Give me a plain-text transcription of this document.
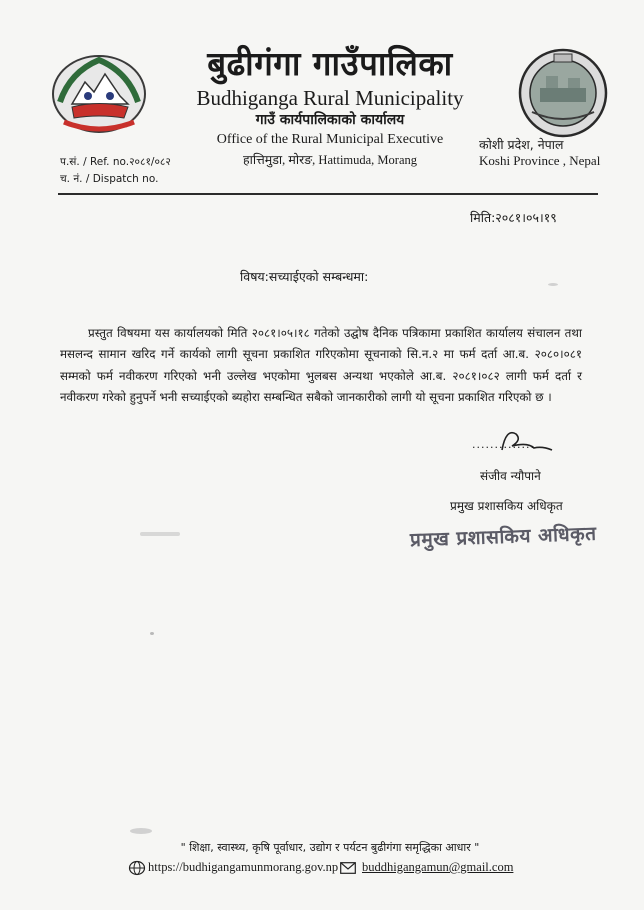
बुढीगंगा गाउँपालिका
Budhiganga Rural Municipality
गाउँ कार्यपालिकाको कार्यालय
Office of the Rural Municipal Executive
हात्तिमुडा, मोरङ, Hattimuda, Morang
कोशी प्रदेश, नेपाल
Koshi Province , Nepal
प.सं. / Ref. no.२०८१/०८२
च. नं. / Dispatch no.
मिति:२०८१।०५।१९
विषय:सच्याईएको सम्बन्धमा:

प्रस्तुत विषयमा यस कार्यालयको मिति २०८१।०५।१८ गतेको उद्घोष दैनिक पत्रिकामा प्रकाशित कार्यालय संचालन तथा मसलन्द सामान खरिद गर्ने कार्यको लागी सूचना प्रकाशित गरिएकोमा सूचनाको सि.न.२ मा फर्म दर्ता आ.ब. २०८०।०८१ सम्मको फर्म नवीकरण गरिएको भनी उल्लेख भएकोमा भुलबस अन्यथा भएकोले आ.ब. २०८१।०८२ लागी फर्म दर्ता र नवीकरण गरेको हुनुपर्ने भनी सच्याईएको ब्यहोरा सम्बन्धित सबैको जानकारीको लागी यो सूचना प्रकाशित गरिएको छ ।

..............
संजीव न्यौपाने
प्रमुख प्रशासकिय अधिकृत
प्रमुख प्रशासकिय अधिकृत
" शिक्षा, स्वास्थ्य, कृषि पूर्वाधार, उद्योग र पर्यटन बुढीगंगा समृद्धिका आधार "
https://budhigangamunmorang.gov.np buddhigangamun@gmail.com
